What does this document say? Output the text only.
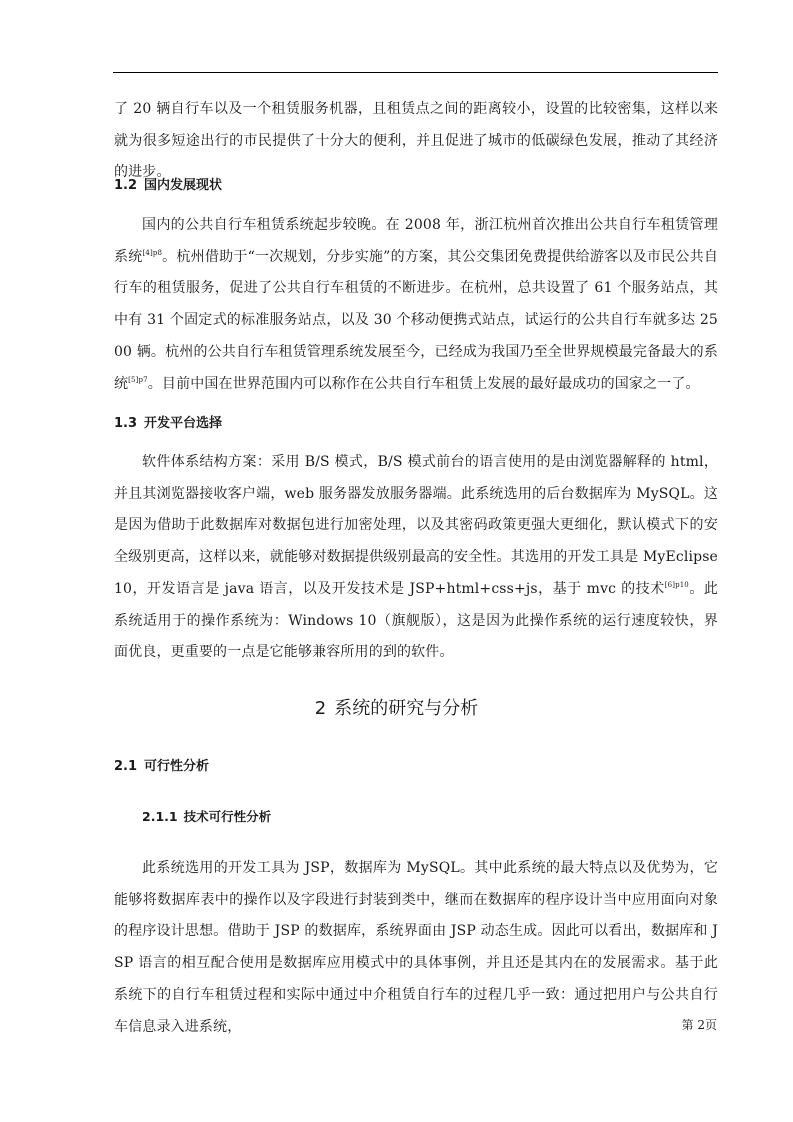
了 20 辆自行车以及一个租赁服务机器，且租赁点之间的距离较小，设置的比较密集，这样以来就为很多短途出行的市民提供了十分大的便利，并且促进了城市的低碳绿色发展，推动了其经济的进步。

1.2 国内发展现状

国内的公共自行车租赁系统起步较晚。在 2008 年，浙江杭州首次推出公共自行车租赁管理系统$^{[4]p8}$。杭州借助于“一次规划，分步实施”的方案，其公交集团免费提供给游客以及市民公共自行车的租赁服务，促进了公共自行车租赁的不断进步。在杭州，总共设置了 61 个服务站点，其中有 31 个固定式的标准服务站点，以及 30 个移动便携式站点，试运行的公共自行车就多达 2500 辆。杭州的公共自行车租赁管理系统发展至今，已经成为我国乃至全世界规模最完备最大的系统$^{[5]p7}$。目前中国在世界范围内可以称作在公共自行车租赁上发展的最好最成功的国家之一了。

1.3 开发平台选择

软件体系结构方案：采用 B/S 模式，B/S 模式前台的语言使用的是由浏览器解释的 html，并且其浏览器接收客户端，web 服务器发放服务器端。此系统选用的后台数据库为 MySQL。这是因为借助于此数据库对数据包进行加密处理，以及其密码政策更强大更细化，默认模式下的安全级别更高，这样以来，就能够对数据提供级别最高的安全性。其选用的开发工具是 MyEclipse10，开发语言是 java 语言，以及开发技术是 JSP+html+css+js，基于 mvc 的技术$^{[6]p10}$。此系统适用于的操作系统为：Windows 10（旗舰版），这是因为此操作系统的运行速度较快，界面优良，更重要的一点是它能够兼容所用的到的软件。

2 系统的研究与分析
2.1 可行性分析
2.1.1 技术可行性分析

此系统选用的开发工具为 JSP，数据库为 MySQL。其中此系统的最大特点以及优势为，它能够将数据库表中的操作以及字段进行封装到类中，继而在数据库的程序设计当中应用面向对象的程序设计思想。借助于 JSP 的数据库，系统界面由 JSP 动态生成。因此可以看出，数据库和 JSP 语言的相互配合使用是数据库应用模式中的具体事例，并且还是其内在的发展需求。基于此系统下的自行车租赁过程和实际中通过中介租赁自行车的过程几乎一致：通过把用户与公共自行车信息录入进系统，	第 2页
